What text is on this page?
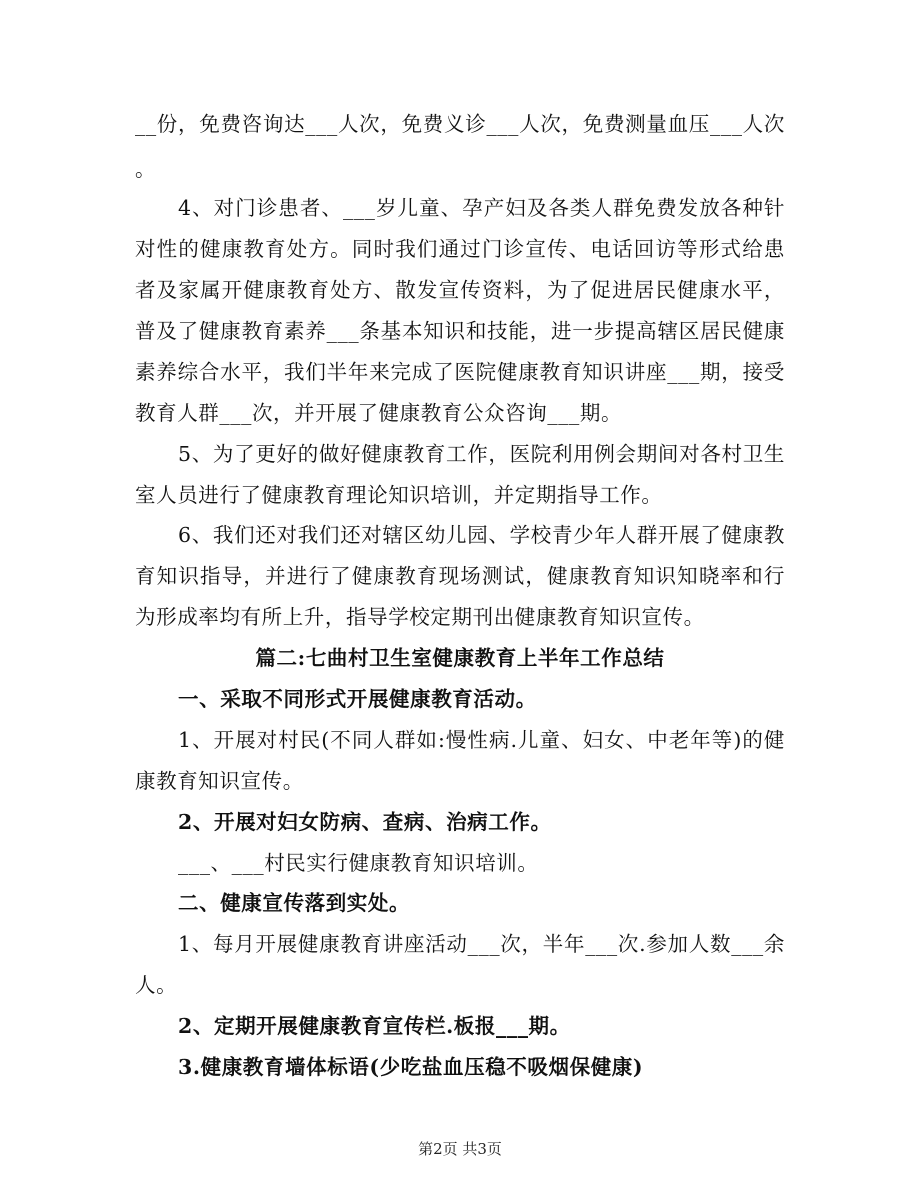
__份，免费咨询达___人次，免费义诊___人次，免费测量血压___人次
。
4、对门诊患者、___岁儿童、孕产妇及各类人群免费发放各种针
对性的健康教育处方。同时我们通过门诊宣传、电话回访等形式给患
者及家属开健康教育处方、散发宣传资料，为了促进居民健康水平，
普及了健康教育素养___条基本知识和技能，进一步提高辖区居民健康
素养综合水平，我们半年来完成了医院健康教育知识讲座___期，接受
教育人群___次，并开展了健康教育公众咨询___期。
5、为了更好的做好健康教育工作，医院利用例会期间对各村卫生
室人员进行了健康教育理论知识培训，并定期指导工作。
6、我们还对我们还对辖区幼儿园、学校青少年人群开展了健康教
育知识指导，并进行了健康教育现场测试，健康教育知识知晓率和行
为形成率均有所上升，指导学校定期刊出健康教育知识宣传。
篇二:七曲村卫生室健康教育上半年工作总结
一、采取不同形式开展健康教育活动。
1、开展对村民(不同人群如:慢性病.儿童、妇女、中老年等)的健
康教育知识宣传。
2、开展对妇女防病、查病、治病工作。
___、___村民实行健康教育知识培训。
二、健康宣传落到实处。
1、每月开展健康教育讲座活动___次，半年___次.参加人数___余
人。
2、定期开展健康教育宣传栏.板报___期。
3.健康教育墙体标语(少吃盐血压稳不吸烟保健康)
第2页 共3页
